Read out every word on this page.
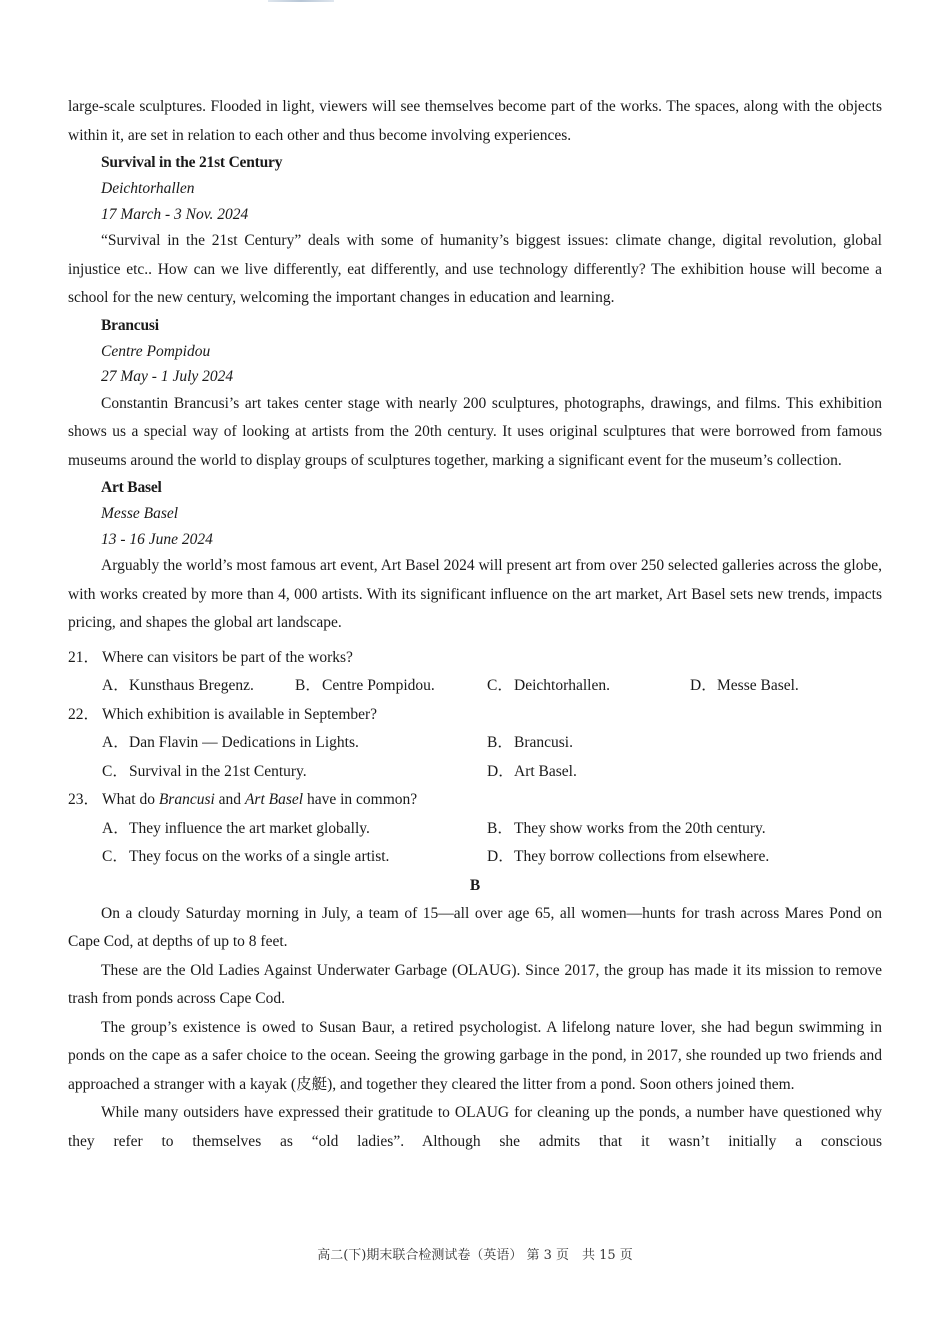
large-scale sculptures. Flooded in light, viewers will see themselves become part of the works. The spaces, along with the objects within it, are set in relation to each other and thus become involving experiences.

Survival in the 21st Century

Deichtorhallen

17 March - 3 Nov. 2024

“Survival in the 21st Century” deals with some of humanity’s biggest issues: climate change, digital revolution, global injustice etc.. How can we live differently, eat differently, and use technology differently? The exhibition house will become a school for the new century, welcoming the important changes in education and learning.

Brancusi

Centre Pompidou

27 May - 1 July 2024

Constantin Brancusi’s art takes center stage with nearly 200 sculptures, photographs, drawings, and films. This exhibition shows us a special way of looking at artists from the 20th century. It uses original sculptures that were borrowed from famous museums around the world to display groups of sculptures together, marking a significant event for the museum’s collection.

Art Basel

Messe Basel

13 - 16 June 2024

Arguably the world’s most famous art event, Art Basel 2024 will present art from over 250 selected galleries across the globe, with works created by more than 4, 000 artists. With its significant influence on the art market, Art Basel sets new trends, impacts pricing, and shapes the global art landscape.

21． Where can visitors be part of the works?

A．Kunsthaus Bregenz.	B．Centre Pompidou.	C．Deichtorhallen.	D．Messe Basel.

22． Which exhibition is available in September?

A．Dan Flavin — Dedications in Lights.	B．Brancusi.
C．Survival in the 21st Century.	D．Art Basel.

23． What do Brancusi and Art Basel have in common?

A．They influence the art market globally.	B．They show works from the 20th century.
C．They focus on the works of a single artist.	D．They borrow collections from elsewhere.

B

On a cloudy Saturday morning in July, a team of 15—all over age 65, all women—hunts for trash across Mares Pond on Cape Cod, at depths of up to 8 feet.

These are the Old Ladies Against Underwater Garbage (OLAUG). Since 2017, the group has made it its mission to remove trash from ponds across Cape Cod.

The group’s existence is owed to Susan Baur, a retired psychologist. A lifelong nature lover, she had begun swimming in ponds on the cape as a safer choice to the ocean. Seeing the growing garbage in the pond, in 2017, she rounded up two friends and approached a stranger with a kayak (皮艇), and together they cleared the litter from a pond. Soon others joined them.

While many outsiders have expressed their gratitude to OLAUG for cleaning up the ponds, a number have questioned why they refer to themselves as “old ladies”. Although she admits that it wasn’t initially a conscious

高二(下)期末联合检测试卷（英语） 第 3 页　共 15 页
